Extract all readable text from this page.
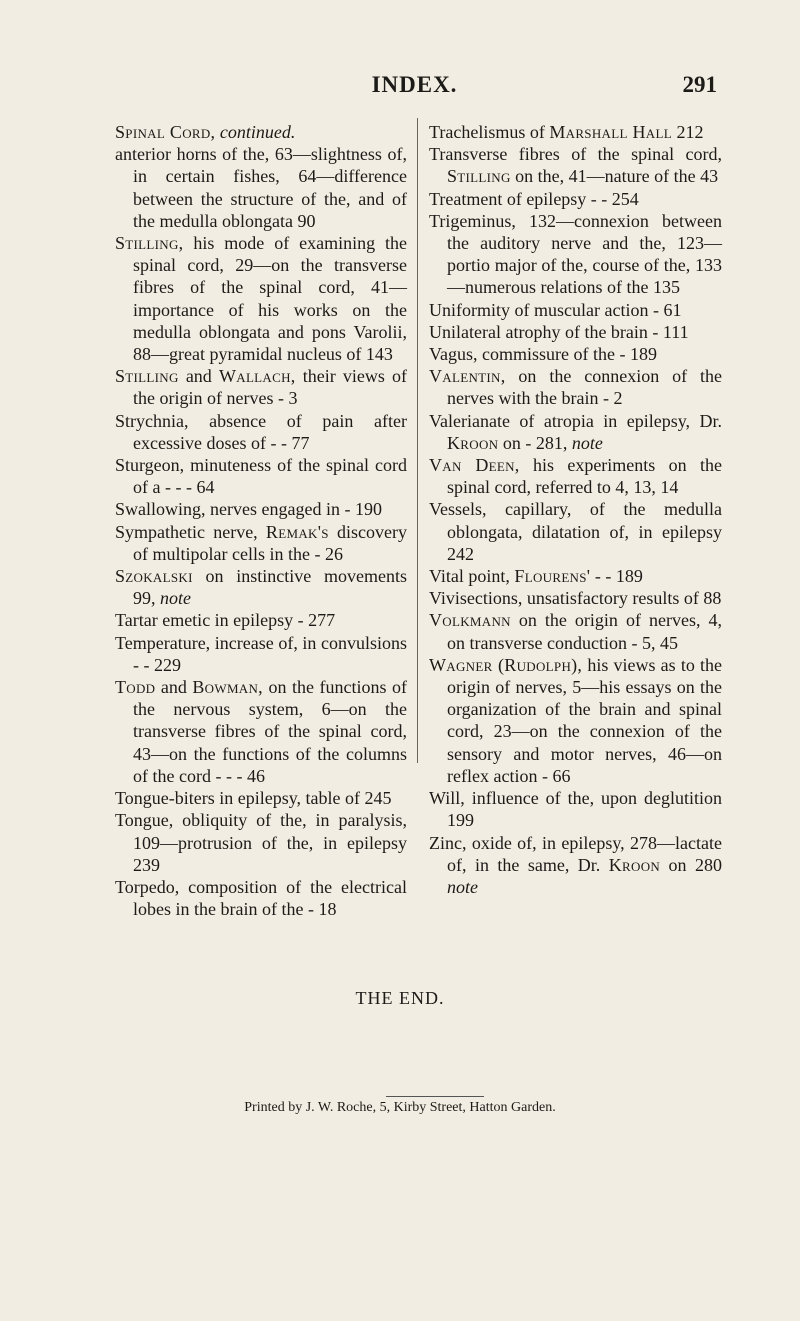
INDEX.	291
Spinal Cord, continued.
anterior horns of the, 63—slightness of, in certain fishes, 64—difference between the structure of the, and of the medulla oblongata 90
Stilling, his mode of examining the spinal cord, 29—on the transverse fibres of the spinal cord, 41—importance of his works on the medulla oblongata and pons Varolii, 88—great pyramidal nucleus of 143
Stilling and Wallach, their views of the origin of nerves - 3
Strychnia, absence of pain after excessive doses of - - 77
Sturgeon, minuteness of the spinal cord of a - - - 64
Swallowing, nerves engaged in - 190
Sympathetic nerve, Remak's discovery of multipolar cells in the - 26
Szokalski on instinctive movements 99, note
Tartar emetic in epilepsy - 277
Temperature, increase of, in convulsions - - 229
Todd and Bowman, on the functions of the nervous system, 6—on the transverse fibres of the spinal cord, 43—on the functions of the columns of the cord - - - 46
Tongue-biters in epilepsy, table of 245
Tongue, obliquity of the, in paralysis, 109—protrusion of the, in epilepsy 239
Torpedo, composition of the electrical lobes in the brain of the - 18
Trachelismus of Marshall Hall 212
Transverse fibres of the spinal cord, Stilling on the, 41—nature of the 43
Treatment of epilepsy - - 254
Trigeminus, 132—connexion between the auditory nerve and the, 123—portio major of the, course of the, 133—numerous relations of the 135
Uniformity of muscular action - 61
Unilateral atrophy of the brain - 111
Vagus, commissure of the - 189
Valentin, on the connexion of the nerves with the brain - 2
Valerianate of atropia in epilepsy, Dr. Kroon on - 281, note
Van Deen, his experiments on the spinal cord, referred to 4, 13, 14
Vessels, capillary, of the medulla oblongata, dilatation of, in epilepsy 242
Vital point, Flourens' - - 189
Vivisections, unsatisfactory results of 88
Volkmann on the origin of nerves, 4, on transverse conduction - 5, 45
Wagner (Rudolph), his views as to the origin of nerves, 5—his essays on the organization of the brain and spinal cord, 23—on the connexion of the sensory and motor nerves, 46—on reflex action - 66
Will, influence of the, upon deglutition 199
Zinc, oxide of, in epilepsy, 278—lactate of, in the same, Dr. Kroon on 280 note
THE END.
Printed by J. W. Roche, 5, Kirby Street, Hatton Garden.
